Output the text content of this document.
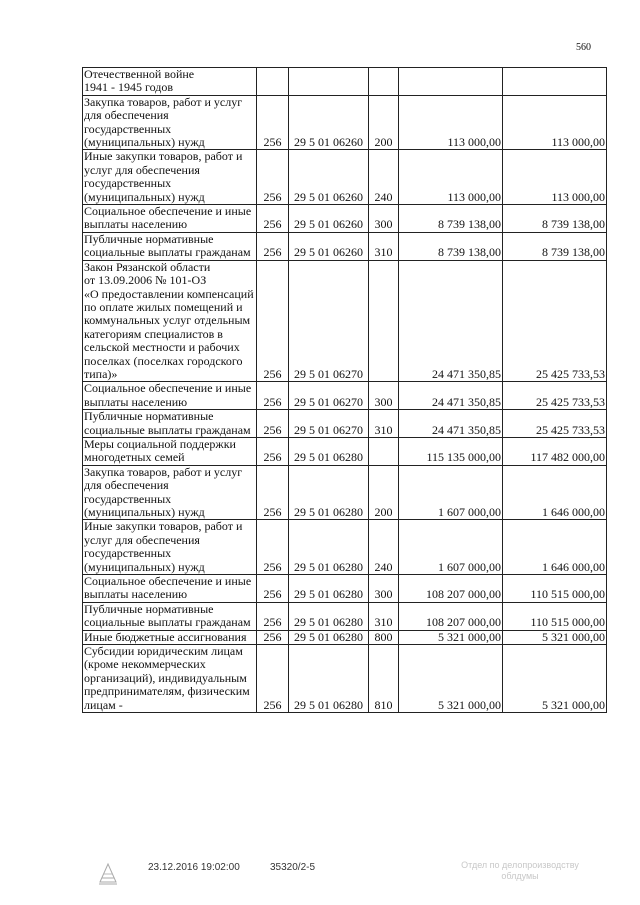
560
Отечественной войне
1941 - 1945 годов					
Закупка товаров, работ и услуг для обеспечения государственных (муниципальных) нужд	256	29 5 01 06260	200	113 000,00	113 000,00
Иные закупки товаров, работ и услуг для обеспечения государственных (муниципальных) нужд	256	29 5 01 06260	240	113 000,00	113 000,00
Социальное обеспечение и иные выплаты населению	256	29 5 01 06260	300	8 739 138,00	8 739 138,00
Публичные нормативные социальные выплаты гражданам	256	29 5 01 06260	310	8 739 138,00	8 739 138,00
Закон Рязанской области
от 13.09.2006 № 101-ОЗ
«О предоставлении компенсаций по оплате жилых помещений и коммунальных услуг отдельным категориям специалистов в сельской местности и рабочих поселках (поселках городского типа)»	256	29 5 01 06270		24 471 350,85	25 425 733,53
Социальное обеспечение и иные выплаты населению	256	29 5 01 06270	300	24 471 350,85	25 425 733,53
Публичные нормативные социальные выплаты гражданам	256	29 5 01 06270	310	24 471 350,85	25 425 733,53
Меры социальной поддержки многодетных семей	256	29 5 01 06280		115 135 000,00	117 482 000,00
Закупка товаров, работ и услуг для обеспечения государственных (муниципальных) нужд	256	29 5 01 06280	200	1 607 000,00	1 646 000,00
Иные закупки товаров, работ и услуг для обеспечения государственных (муниципальных) нужд	256	29 5 01 06280	240	1 607 000,00	1 646 000,00
Социальное обеспечение и иные выплаты населению	256	29 5 01 06280	300	108 207 000,00	110 515 000,00
Публичные нормативные социальные выплаты гражданам	256	29 5 01 06280	310	108 207 000,00	110 515 000,00
Иные бюджетные ассигнования	256	29 5 01 06280	800	5 321 000,00	5 321 000,00
Субсидии юридическим лицам (кроме некоммерческих организаций), индивидуальным предпринимателям, физическим лицам -	256	29 5 01 06280	810	5 321 000,00	5 321 000,00
23.12.2016 19:02:00	35320/2-5	Отдел по делопроизводству
облдумы
